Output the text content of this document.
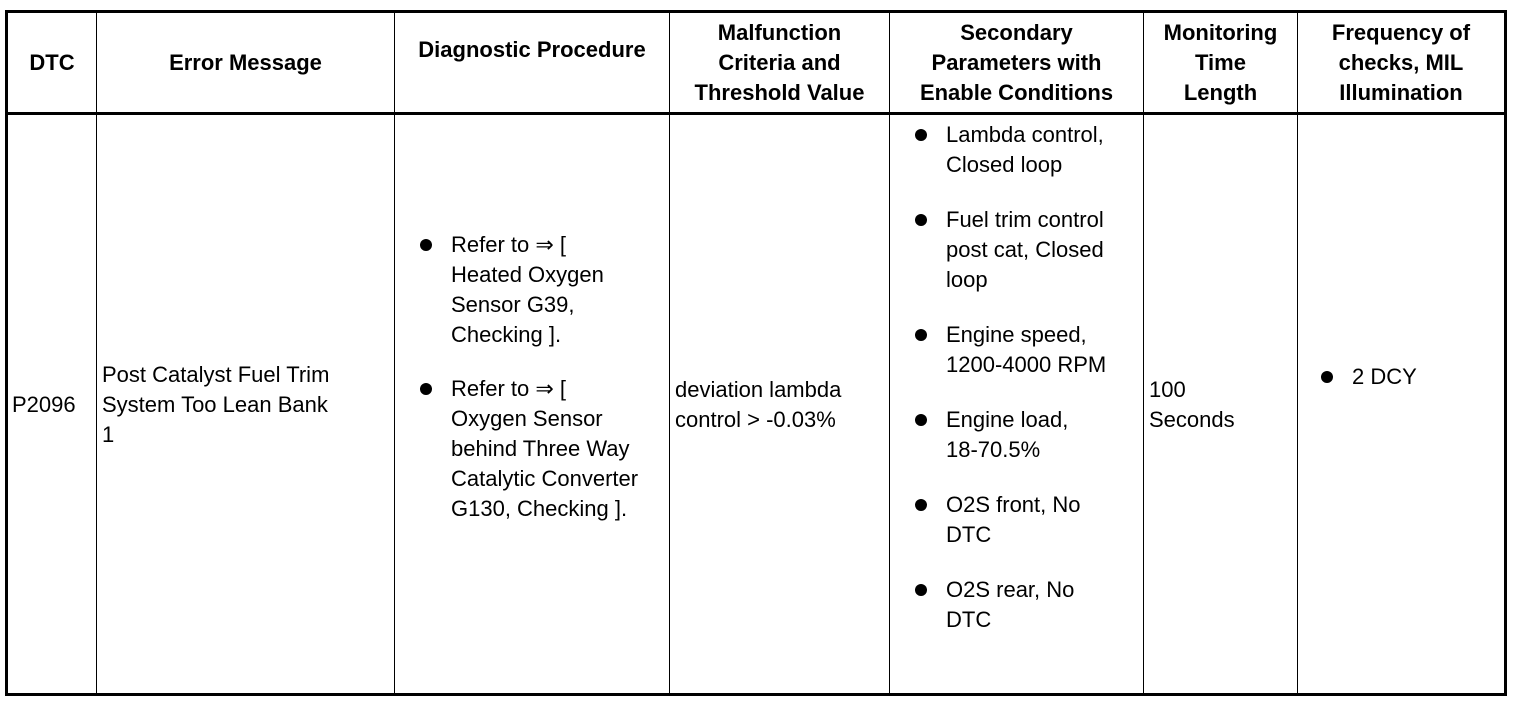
DTC	Error Message	Diagnostic Procedure
Malfunction
Criteria and
Threshold Value
Secondary
Parameters with
Enable Conditions
Monitoring
Time
Length
Frequency of
checks, MIL
Illumination
P2096
Post Catalyst Fuel Trim
System Too Lean Bank
1
Refer to ⇒ [
Heated Oxygen
Sensor G39,
Checking ].
Refer to ⇒ [
Oxygen Sensor
behind Three Way
Catalytic Converter
G130, Checking ].
deviation lambda
control > -0.03%
Lambda control,
Closed loop
Fuel trim control
post cat, Closed
loop
Engine speed,
1200-4000 RPM
Engine load,
18-70.5%
O2S front, No
DTC
O2S rear, No
DTC
100
Seconds
2 DCY
